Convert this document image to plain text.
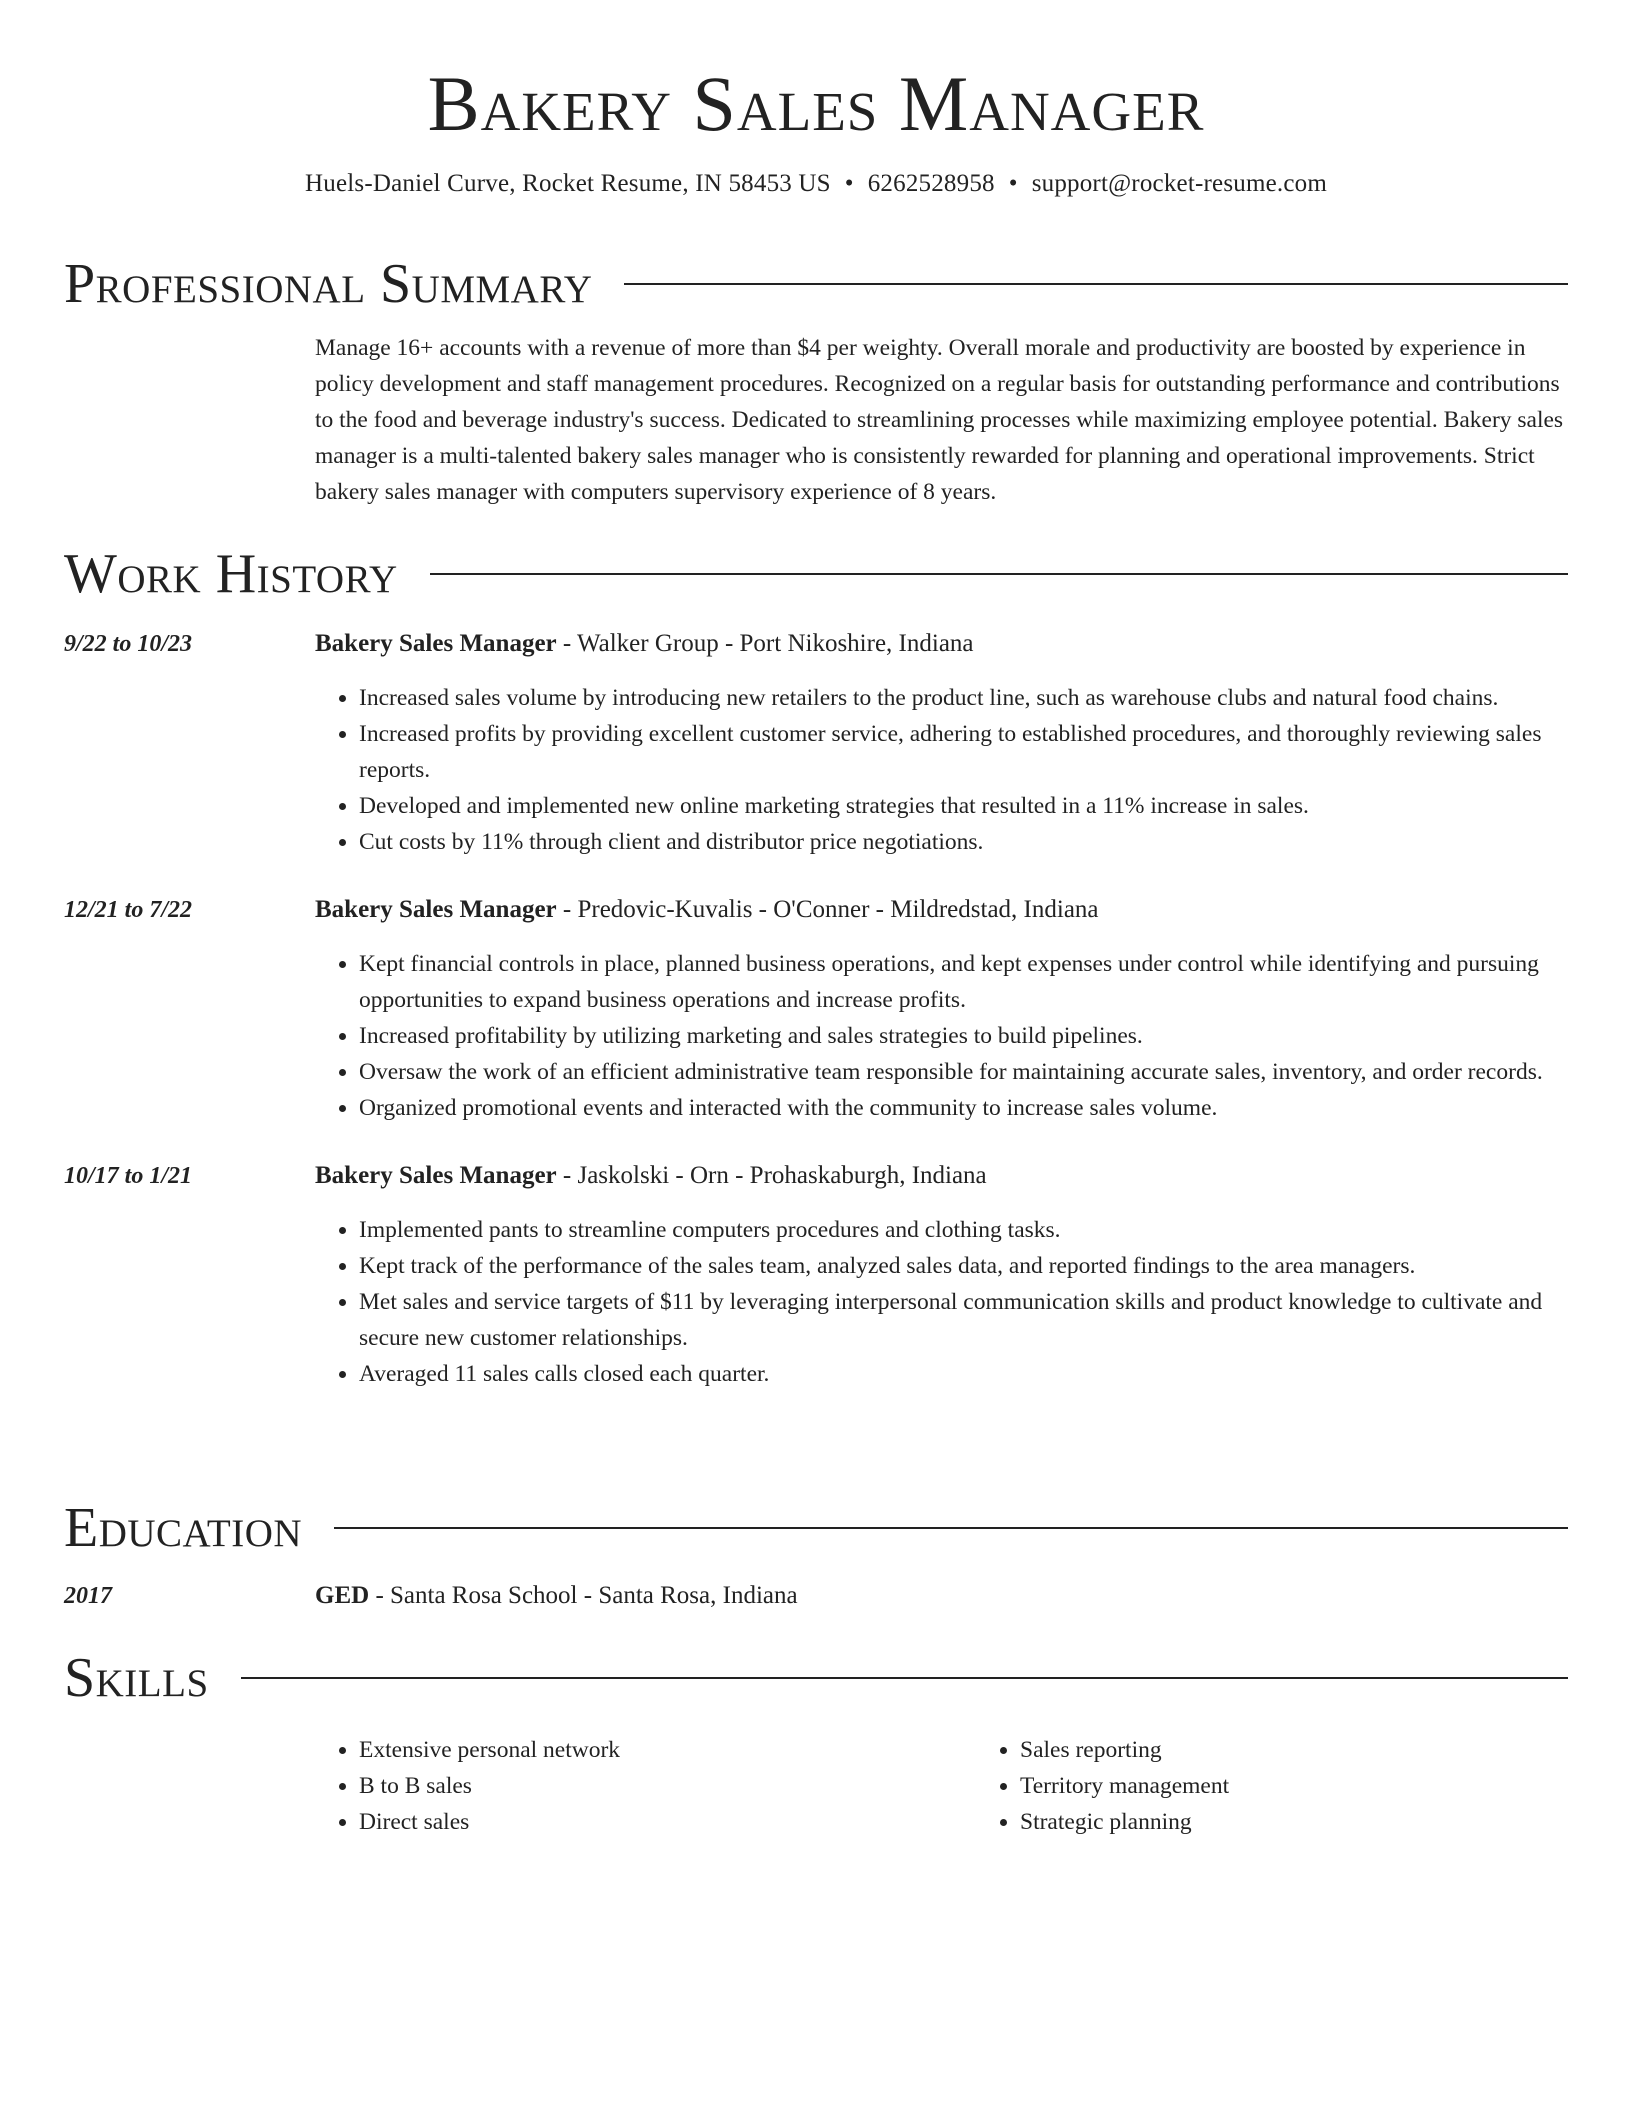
Bakery Sales Manager
Huels-Daniel Curve, Rocket Resume, IN 58453 US • 6262528958 • support@rocket-resume.com
Professional Summary
Manage 16+ accounts with a revenue of more than $4 per weighty. Overall morale and productivity are boosted by experience in policy development and staff management procedures. Recognized on a regular basis for outstanding performance and contributions to the food and beverage industry's success. Dedicated to streamlining processes while maximizing employee potential. Bakery sales manager is a multi-talented bakery sales manager who is consistently rewarded for planning and operational improvements. Strict bakery sales manager with computers supervisory experience of 8 years.
Work History
9/22 to 10/23	Bakery Sales Manager - Walker Group - Port Nikoshire, Indiana
• Increased sales volume by introducing new retailers to the product line, such as warehouse clubs and natural food chains.
• Increased profits by providing excellent customer service, adhering to established procedures, and thoroughly reviewing sales reports.
• Developed and implemented new online marketing strategies that resulted in a 11% increase in sales.
• Cut costs by 11% through client and distributor price negotiations.
12/21 to 7/22	Bakery Sales Manager - Predovic-Kuvalis - O'Conner - Mildredstad, Indiana
• Kept financial controls in place, planned business operations, and kept expenses under control while identifying and pursuing opportunities to expand business operations and increase profits.
• Increased profitability by utilizing marketing and sales strategies to build pipelines.
• Oversaw the work of an efficient administrative team responsible for maintaining accurate sales, inventory, and order records.
• Organized promotional events and interacted with the community to increase sales volume.
10/17 to 1/21	Bakery Sales Manager - Jaskolski - Orn - Prohaskaburgh, Indiana
• Implemented pants to streamline computers procedures and clothing tasks.
• Kept track of the performance of the sales team, analyzed sales data, and reported findings to the area managers.
• Met sales and service targets of $11 by leveraging interpersonal communication skills and product knowledge to cultivate and secure new customer relationships.
• Averaged 11 sales calls closed each quarter.
Education
2017	GED - Santa Rosa School - Santa Rosa, Indiana
Skills
• Extensive personal network
• B to B sales
• Direct sales
• Sales reporting
• Territory management
• Strategic planning
